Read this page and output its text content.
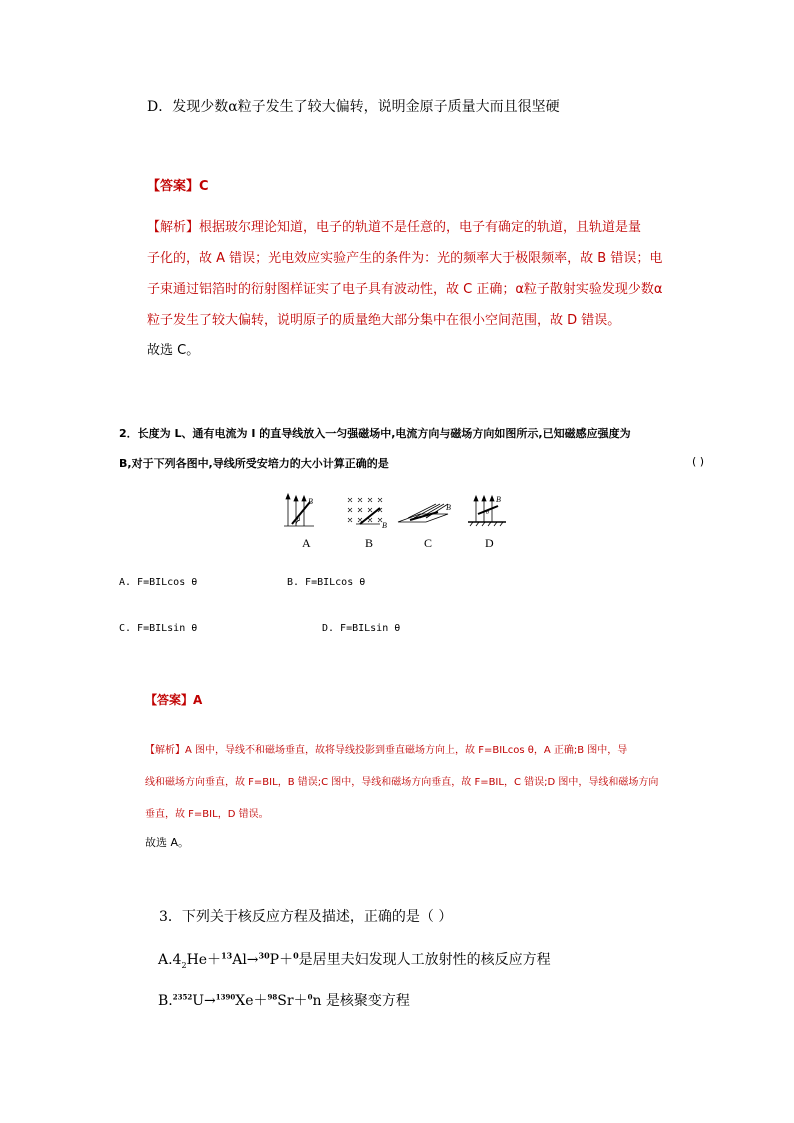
D．发现少数α粒子发生了较大偏转，说明金原子质量大而且很坚硬
【答案】C
【解析】根据玻尔理论知道，电子的轨道不是任意的，电子有确定的轨道，且轨道是量
子化的，故 A 错误；光电效应实验产生的条件为：光的频率大于极限频率，故 B 错误；电
子束通过铝箔时的衍射图样证实了电子具有波动性，故 C 正确；α粒子散射实验发现少数α
粒子发生了较大偏转，说明原子的质量绝大部分集中在很小空间范围，故 D 错误。
故选 C。
2．长度为 L、通有电流为 I 的直导线放入一匀强磁场中,电流方向与磁场方向如图所示,已知磁感应强度为
B,对于下列各图中,导线所受安培力的大小计算正确的是	( )
B
θ
B
B
I
B
θ
A	B	C	D
A. F=BILcos θ	B. F=BILcos θ
C. F=BILsin θ	D. F=BILsin θ
【答案】A
【解析】A 图中，导线不和磁场垂直，故将导线投影到垂直磁场方向上，故 F=BILcos θ，A 正确;B 图中，导
线和磁场方向垂直，故 F=BIL，B 错误;C 图中，导线和磁场方向垂直，故 F=BIL，C 错误;D 图中，导线和磁场方向
垂直，故 F=BIL，D 错误。
故选 A。
3．下列关于核反应方程及描述，正确的是（ ）
$A.4_2He+^{13}Al\to^{30}P+^0$是居里夫妇发现人工放射性的核反应方程
B.$^{2352}$U→$^{1390}$Xe＋$^{98}$Sr＋$^0$n 是核聚变方程
